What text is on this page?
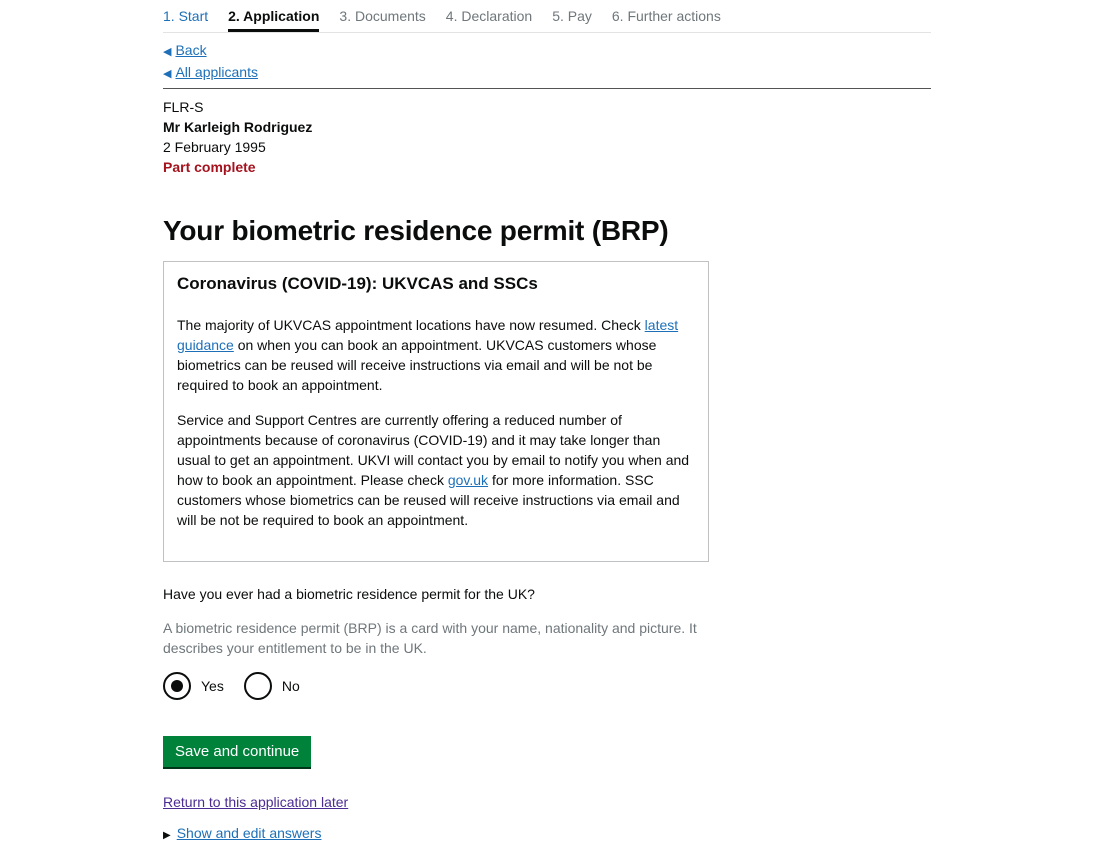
1. Start 2. Application 3. Documents 4. Declaration 5. Pay 6. Further actions
◀ Back
◀ All applicants
FLR-S
Mr Karleigh Rodriguez
2 February 1995
Part complete
Your biometric residence permit (BRP)
Coronavirus (COVID-19): UKVCAS and SSCs

The majority of UKVCAS appointment locations have now resumed. Check latest guidance on when you can book an appointment. UKVCAS customers whose biometrics can be reused will receive instructions via email and will be not be required to book an appointment.

Service and Support Centres are currently offering a reduced number of appointments because of coronavirus (COVID-19) and it may take longer than usual to get an appointment. UKVI will contact you by email to notify you when and how to book an appointment. Please check gov.uk for more information. SSC customers whose biometrics can be reused will receive instructions via email and will be not be required to book an appointment.

Have you ever had a biometric residence permit for the UK?
A biometric residence permit (BRP) is a card with your name, nationality and picture. It describes your entitlement to be in the UK.
Yes	No
Save and continue
Return to this application later
▶ Show and edit answers
